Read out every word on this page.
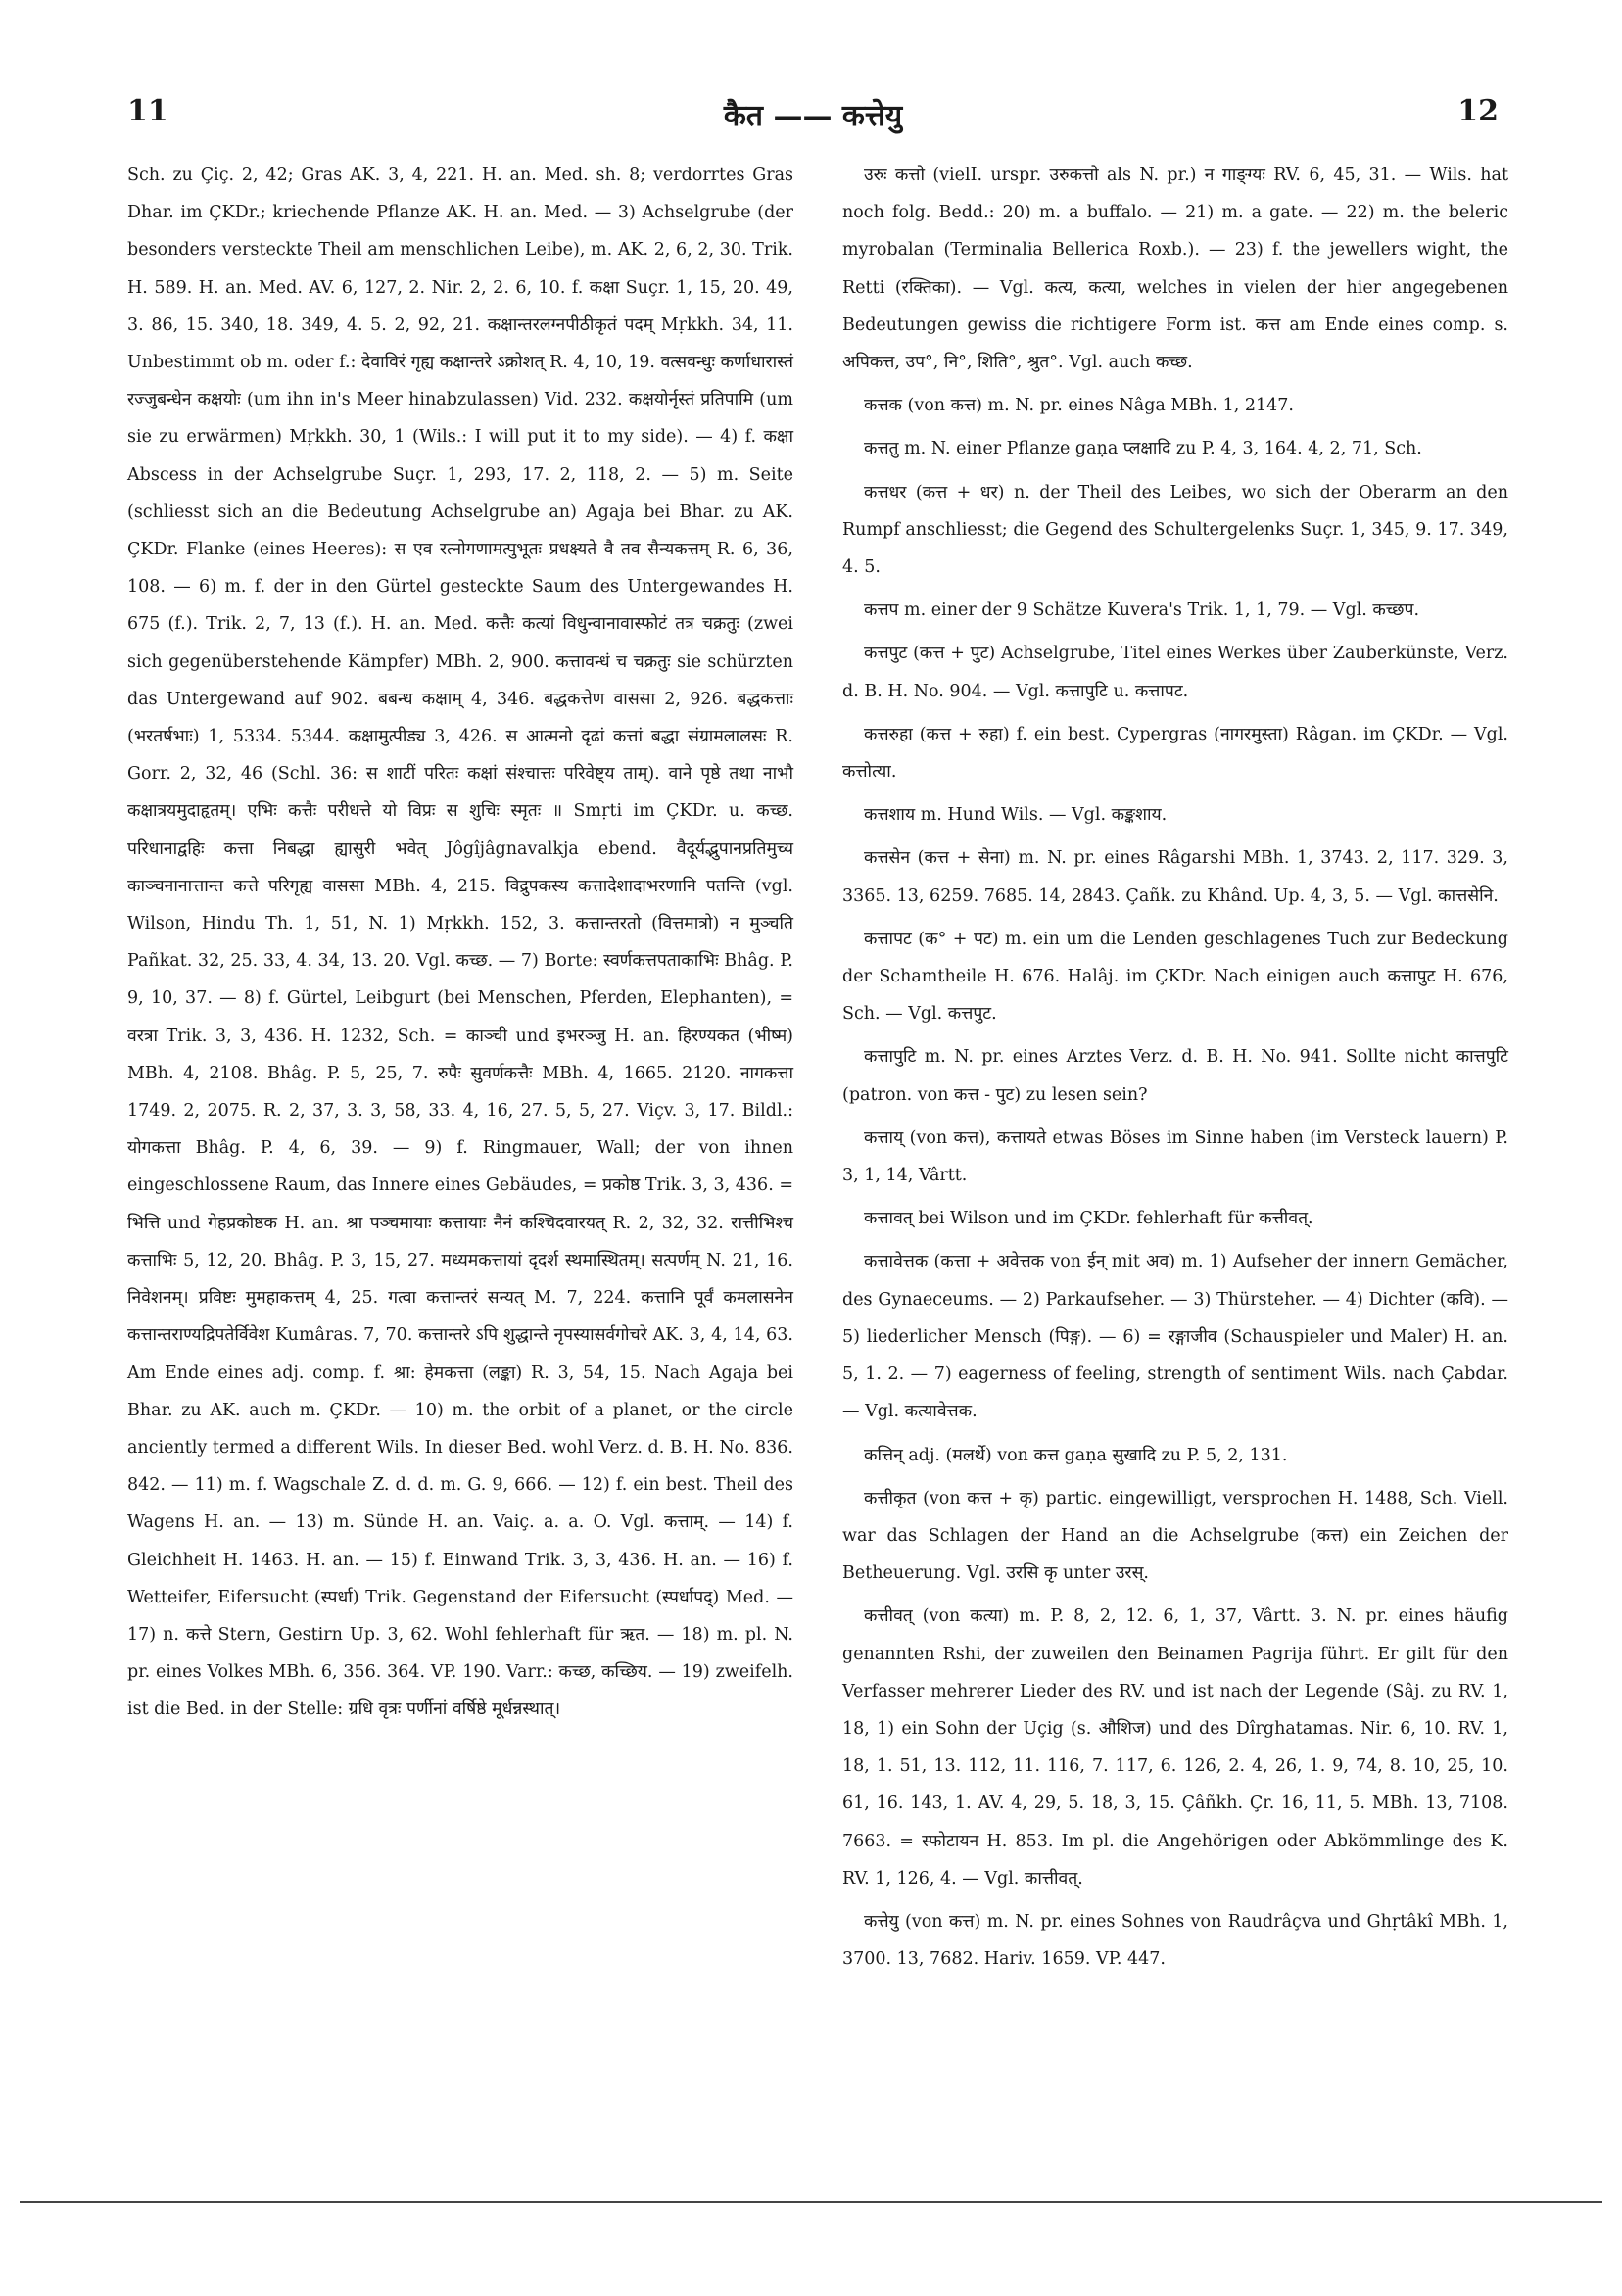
11	कैत —— कत्तेयु	12

Sch. zu Çiç. 2, 42; Gras AK. 3, 4, 221. H. an. Med. sh. 8; verdorrtes Gras Dhar. im ÇKDr.; kriechende Pflanze AK. H. an. Med. — 3) Achselgrube (der besonders versteckte Theil am menschlichen Leibe), m. AK. 2, 6, 2, 30. Trik. H. 589. H. an. Med. AV. 6, 127, 2. Nir. 2, 2. 6, 10. f. कक्षा Suçr. 1, 15, 20. 49, 3. 86, 15. 340, 18. 349, 4. 5. 2, 92, 21. कक्षान्तरलग्नपीठीकृतं पदम् Mṛkkh. 34, 11. Unbestimmt ob m. oder f.: देवाविरं गृह्य कक्षान्तरे ऽक्रोशत् R. 4, 10, 19. वत्सवन्धुः कर्णाधारास्तं रज्जुबन्धेन कक्षयोः (um ihn in's Meer hinabzulassen) Vid. 232. कक्षयोर्नृस्तं प्रतिपामि (um sie zu erwärmen) Mṛkkh. 30, 1 (Wils.: I will put it to my side). — 4) f. कक्षा Abscess in der Achselgrube Suçr. 1, 293, 17. 2, 118, 2. — 5) m. Seite (schliesst sich an die Bedeutung Achselgrube an) Agaja bei Bhar. zu AK. ÇKDr. Flanke (eines Heeres): स एव रत्नोगणामत्पुभूतः प्रधक्ष्यते वै तव सैन्यकत्तम् R. 6, 36, 108. — 6) m. f. der in den Gürtel gesteckte Saum des Untergewandes H. 675 (f.). Trik. 2, 7, 13 (f.). H. an. Med. कत्तैः कत्यां विधुन्वानावास्फोटं तत्र चक्रतुः (zwei sich gegenüberstehende Kämpfer) MBh. 2, 900. कत्तावन्धं च चक्रतुः sie schürzten das Untergewand auf 902. बबन्ध कक्षाम् 4, 346. बद्धकत्तेण वाससा 2, 926. बद्धकत्ताः (भरतर्षभाः) 1, 5334. 5344. कक्षामुत्पीड्य 3, 426. स आत्मनो दृढां कत्तां बद्धा संग्रामलालसः R. Gorr. 2, 32, 46 (Schl. 36: स शाटीं परितः कक्षां संश्चात्तः परिवेष्ट्य ताम्). वाने पृष्ठे तथा नाभौ कक्षात्रयमुदाहृतम्। एभिः कत्तैः परीधत्ते यो विप्रः स शुचिः स्मृतः ॥ Smṛti im ÇKDr. u. कच्छ. परिधानाद्वहिः कत्ता निबद्धा ह्यासुरी भवेत् Jôgîjâgnavalkja ebend. वैदूर्यद्भुपानप्रतिमुच्य काञ्चनानात्तान्त कत्ते परिगृह्य वाससा MBh. 4, 215. विद्रुपकस्य कत्तादेशादाभरणानि पतन्ति (vgl. Wilson, Hindu Th. 1, 51, N. 1) Mṛkkh. 152, 3. कत्तान्तरतो (वित्तमात्रो) न मुञ्चति Pañkat. 32, 25. 33, 4. 34, 13. 20. Vgl. कच्छ. — 7) Borte: स्वर्णकत्तपताकाभिः Bhâg. P. 9, 10, 37. — 8) f. Gürtel, Leibgurt (bei Menschen, Pferden, Elephanten), = वरत्रा Trik. 3, 3, 436. H. 1232, Sch. = काञ्ची und इभरञ्जु H. an. हिरण्यकत (भीष्म) MBh. 4, 2108. Bhâg. P. 5, 25, 7. रुपैः सुवर्णकत्तैः MBh. 4, 1665. 2120. नागकत्ता 1749. 2, 2075. R. 2, 37, 3. 3, 58, 33. 4, 16, 27. 5, 5, 27. Viçv. 3, 17. Bildl.: योगकत्ता Bhâg. P. 4, 6, 39. — 9) f. Ringmauer, Wall; der von ihnen eingeschlossene Raum, das Innere eines Gebäudes, = प्रकोष्ठ Trik. 3, 3, 436. = भित्ति und गेहप्रकोष्ठक H. an. श्रा पञ्चमायाः कत्तायाः नैनं कश्चिदवारयत् R. 2, 32, 32. रात्तीभिश्च कत्ताभिः 5, 12, 20. Bhâg. P. 3, 15, 27. मध्यमकत्तायां दृदर्श स्थमास्थितम्। सत्पर्णम् N. 21, 16. निवेशनम्। प्रविष्टः मुमहाकत्तम् 4, 25. गत्वा कत्तान्तरं सन्यत् M. 7, 224. कत्तानि पूर्वं कमलासनेन कत्तान्तराण्यद्रिपतेर्विवेश Kumâras. 7, 70. कत्तान्तरे ऽपि शुद्धान्ते नृपस्यासर्वगोचरे AK. 3, 4, 14, 63. Am Ende eines adj. comp. f. श्रा: हेमकत्ता (लङ्का) R. 3, 54, 15. Nach Agaja bei Bhar. zu AK. auch m. ÇKDr. — 10) m. the orbit of a planet, or the circle anciently termed a different Wils. In dieser Bed. wohl Verz. d. B. H. No. 836. 842. — 11) m. f. Wagschale Z. d. d. m. G. 9, 666. — 12) f. ein best. Theil des Wagens H. an. — 13) m. Sünde H. an. Vaiç. a. a. O. Vgl. कत्ताम्. — 14) f. Gleichheit H. 1463. H. an. — 15) f. Einwand Trik. 3, 3, 436. H. an. — 16) f. Wetteifer, Eifersucht (स्पर्धा) Trik. Gegenstand der Eifersucht (स्पर्धापद्) Med. — 17) n. कत्ते Stern, Gestirn Up. 3, 62. Wohl fehlerhaft für ऋत. — 18) m. pl. N. pr. eines Volkes MBh. 6, 356. 364. VP. 190. Varr.: कच्छ, कच्छिय. — 19) zweifelh. ist die Bed. in der Stelle: ग्रधि वृत्रः पर्णीनां वर्षिष्ठे मूर्धन्नस्थात्।

उरुः कत्तो (vielI. urspr. उरुकत्तो als N. pr.) न गाङ्ग्यः RV. 6, 45, 31. — Wils. hat noch folg. Bedd.: 20) m. a buffalo. — 21) m. a gate. — 22) m. the beleric myrobalan (Terminalia Bellerica Roxb.). — 23) f. the jewellers wight, the Retti (रक्तिका). — Vgl. कत्य, कत्या, welches in vielen der hier angegebenen Bedeutungen gewiss die richtigere Form ist. कत्त am Ende eines comp. s. अपिकत्त, उप°, नि°, शिति°, श्रुत°. Vgl. auch कच्छ.

कत्तक (von कत्त) m. N. pr. eines Nâga MBh. 1, 2147.

कत्ततु m. N. einer Pflanze gaṇa प्लक्षादि zu P. 4, 3, 164. 4, 2, 71, Sch.

कत्तधर (कत्त + धर) n. der Theil des Leibes, wo sich der Oberarm an den Rumpf anschliesst; die Gegend des Schultergelenks Suçr. 1, 345, 9. 17. 349, 4. 5.

कत्तप m. einer der 9 Schätze Kuvera's Trik. 1, 1, 79. — Vgl. कच्छप.

कत्तपुट (कत्त + पुट) Achselgrube, Titel eines Werkes über Zauberkünste, Verz. d. B. H. No. 904. — Vgl. कत्तापुटि u. कत्तापट.

कत्तरुहा (कत्त + रुहा) f. ein best. Cypergras (नागरमुस्ता) Râgan. im ÇKDr. — Vgl. कत्तोत्या.

कत्तशाय m. Hund Wils. — Vgl. कङ्कशाय.

कत्तसेन (कत्त + सेना) m. N. pr. eines Râgarshi MBh. 1, 3743. 2, 117. 329. 3, 3365. 13, 6259. 7685. 14, 2843. Çañk. zu Khând. Up. 4, 3, 5. — Vgl. कात्तसेनि.

कत्तापट (क° + पट) m. ein um die Lenden geschlagenes Tuch zur Bedeckung der Schamtheile H. 676. Halâj. im ÇKDr. Nach einigen auch कत्तापुट H. 676, Sch. — Vgl. कत्तपुट.

कत्तापुटि m. N. pr. eines Arztes Verz. d. B. H. No. 941. Sollte nicht कात्तपुटि (patron. von कत्त - पुट) zu lesen sein?

कत्ताय् (von कत्त), कत्तायते etwas Böses im Sinne haben (im Versteck lauern) P. 3, 1, 14, Vârtt.

कत्तावत् bei Wilson und im ÇKDr. fehlerhaft für कत्तीवत्.

कत्तावेत्तक (कत्ता + अवेत्तक von ईन् mit अव) m. 1) Aufseher der innern Gemächer, des Gynaeceums. — 2) Parkaufseher. — 3) Thürsteher. — 4) Dichter (कवि). — 5) liederlicher Mensch (पिङ्ग). — 6) = रङ्गाजीव (Schauspieler und Maler) H. an. 5, 1. 2. — 7) eagerness of feeling, strength of sentiment Wils. nach Çabdar. — Vgl. कत्यावेत्तक.

कत्तिन् adj. (मलर्थे) von कत्त gaṇa सुखादि zu P. 5, 2, 131.

कत्तीकृत (von कत्त + कृ) partic. eingewilligt, versprochen H. 1488, Sch. Viell. war das Schlagen der Hand an die Achselgrube (कत्त) ein Zeichen der Betheuerung. Vgl. उरसि कृ unter उरस्.

कत्तीवत् (von कत्या) m. P. 8, 2, 12. 6, 1, 37, Vârtt. 3. N. pr. eines häufig genannten Rshi, der zuweilen den Beinamen Pagrija führt. Er gilt für den Verfasser mehrerer Lieder des RV. und ist nach der Legende (Sâj. zu RV. 1, 18, 1) ein Sohn der Uçig (s. औशिज) und des Dîrghatamas. Nir. 6, 10. RV. 1, 18, 1. 51, 13. 112, 11. 116, 7. 117, 6. 126, 2. 4, 26, 1. 9, 74, 8. 10, 25, 10. 61, 16. 143, 1. AV. 4, 29, 5. 18, 3, 15. Çâñkh. Çr. 16, 11, 5. MBh. 13, 7108. 7663. = स्फोटायन H. 853. Im pl. die Angehörigen oder Abkömmlinge des K. RV. 1, 126, 4. — Vgl. कात्तीवत्.

कत्तेयु (von कत्त) m. N. pr. eines Sohnes von Raudrâçva und Ghṛtâkî MBh. 1, 3700. 13, 7682. Hariv. 1659. VP. 447.
